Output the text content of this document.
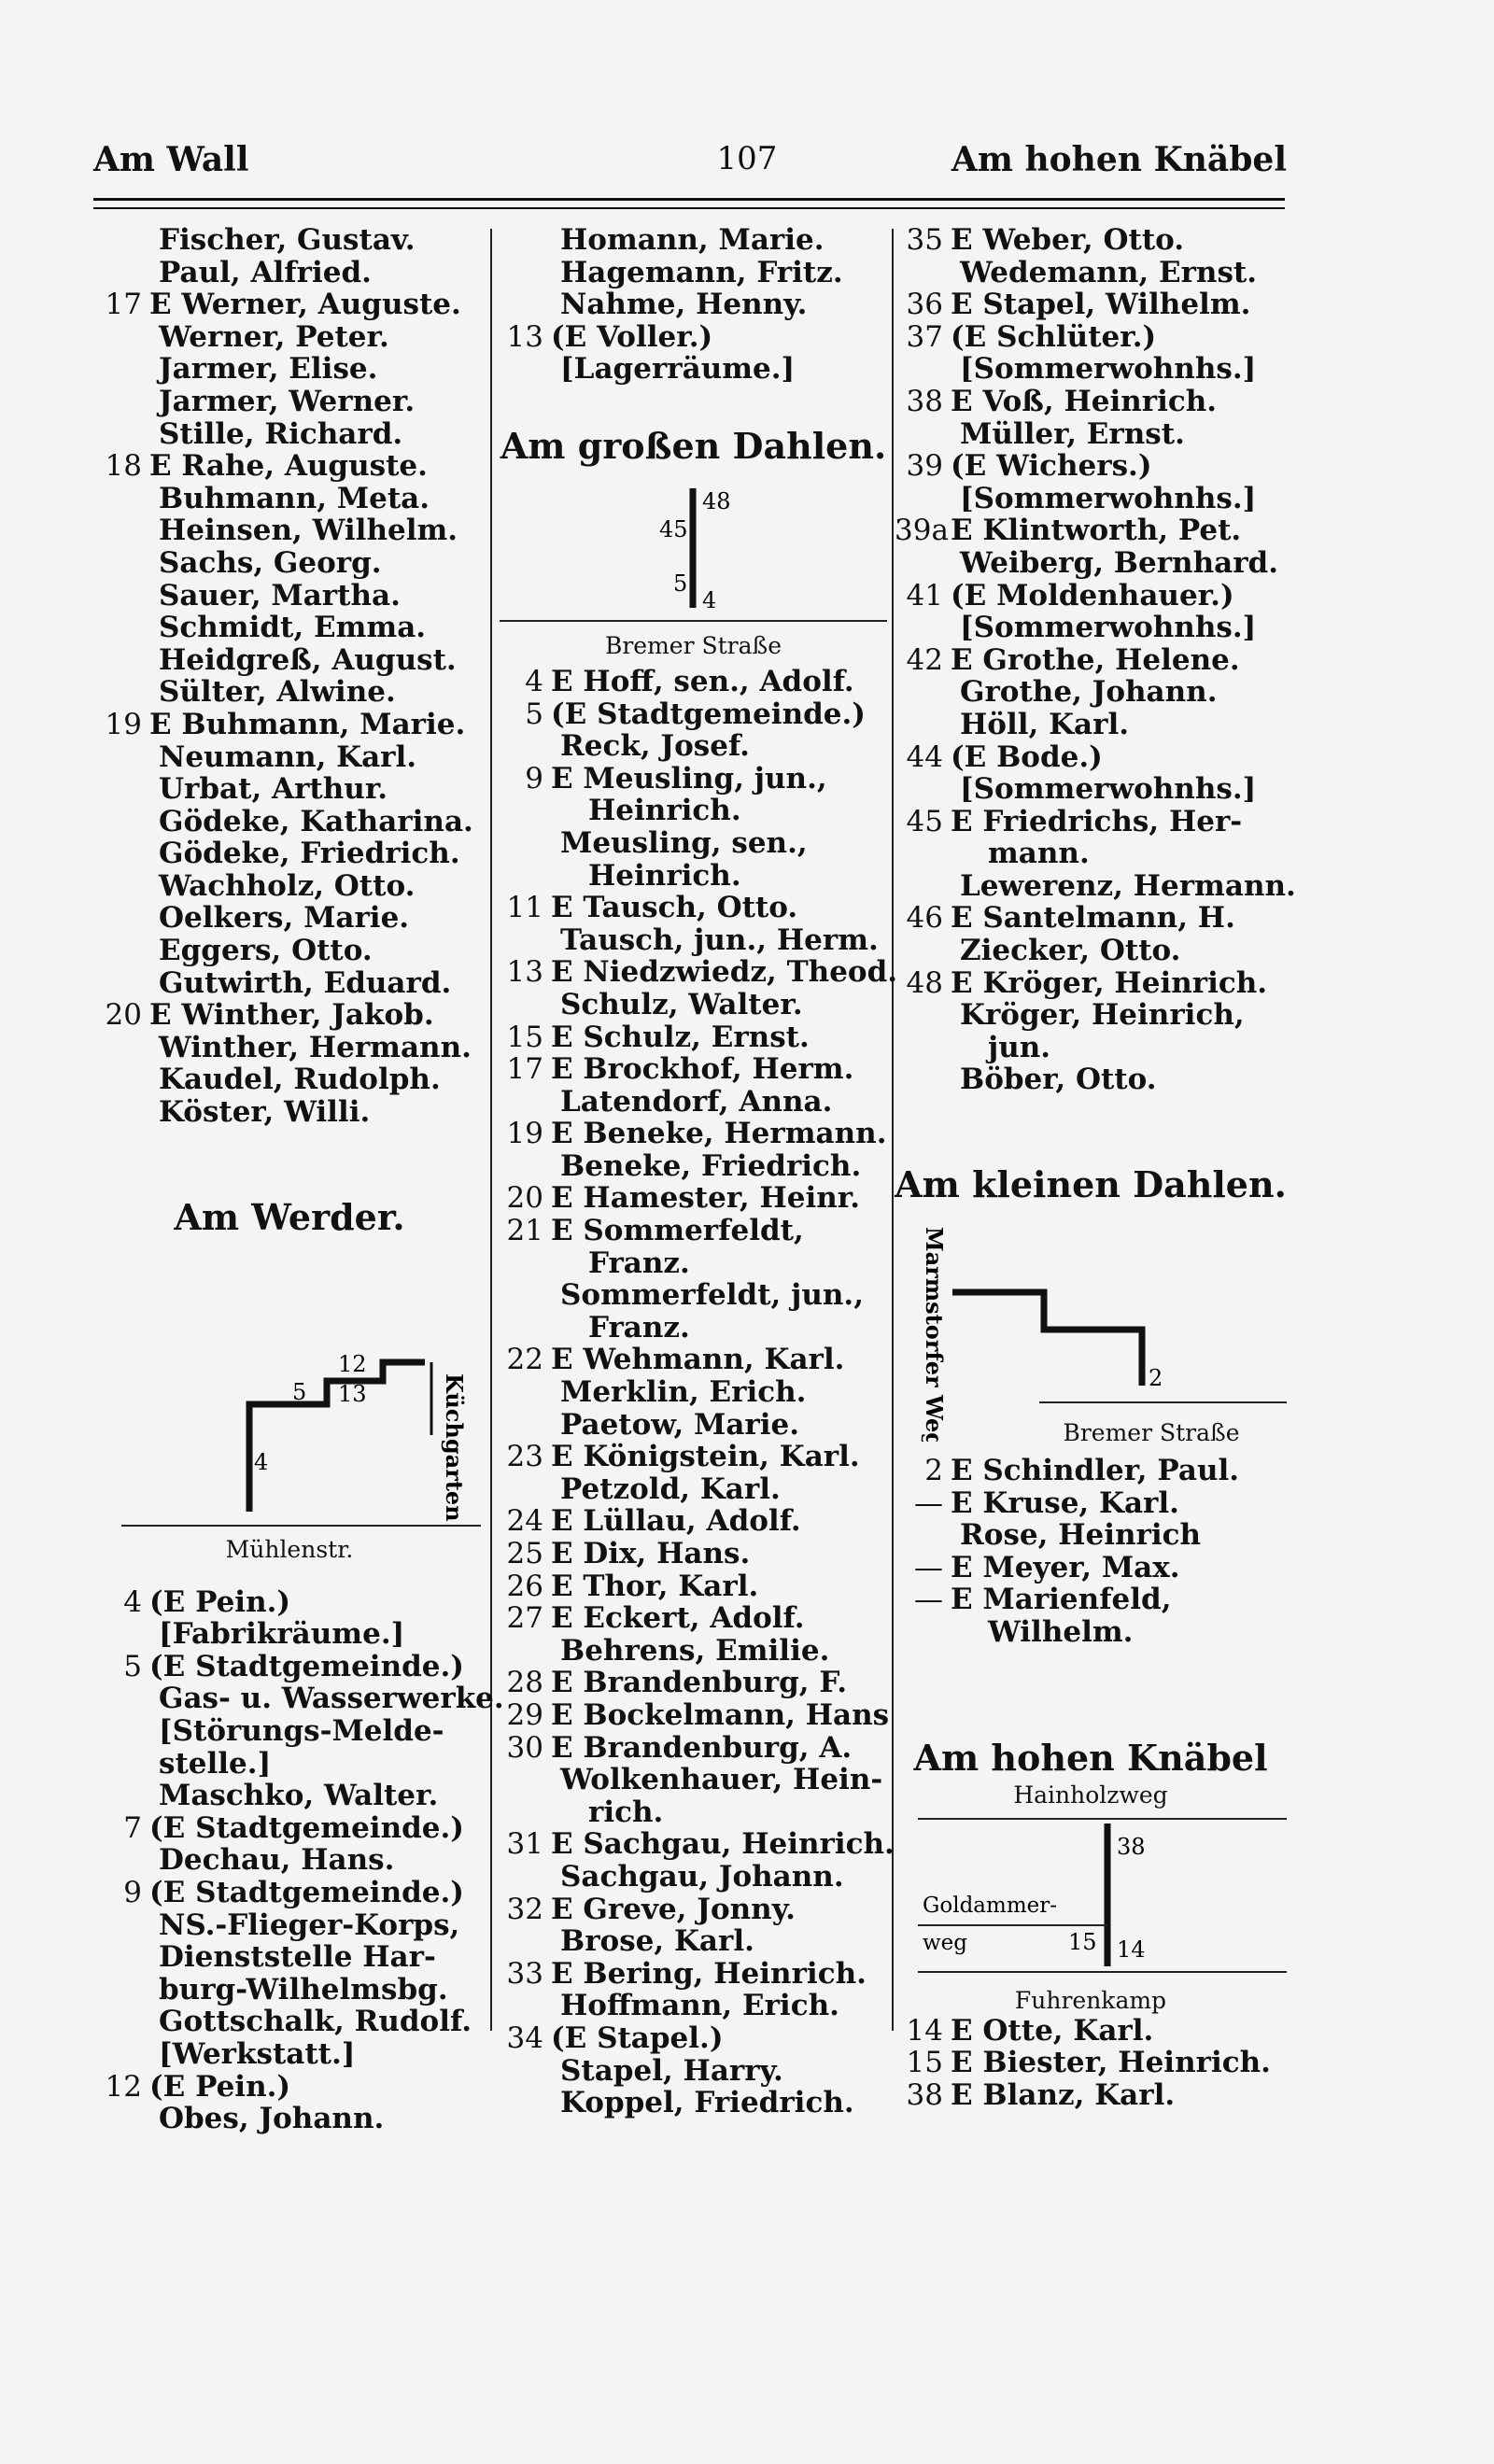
Am Wall	107	Am hohen Knäbel
Fischer, Gustav.
Paul, Alfried.
17 E Werner, Auguste.
Werner, Peter.
Jarmer, Elise.
Jarmer, Werner.
Stille, Richard.
18 E Rahe, Auguste.
Buhmann, Meta.
Heinsen, Wilhelm.
Sachs, Georg.
Sauer, Martha.
Schmidt, Emma.
Heidgreß, August.
Sülter, Alwine.
19 E Buhmann, Marie.
Neumann, Karl.
Urbat, Arthur.
Gödeke, Katharina.
Gödeke, Friedrich.
Wachholz, Otto.
Oelkers, Marie.
Eggers, Otto.
Gutwirth, Eduard.
20 E Winther, Jakob.
Winther, Hermann.
Kaudel, Rudolph.
Köster, Willi.
Am Werder.
Küchgarten
12
5 13
4
Mühlenstr.
4 (E Pein.)
[Fabrikräume.]
5 (E Stadtgemeinde.)
Gas- u. Wasserwerke.
[Störungs-Melde-
stelle.]
Maschko, Walter.
7 (E Stadtgemeinde.)
Dechau, Hans.
9 (E Stadtgemeinde.)
NS.-Flieger-Korps,
Dienststelle Har-
burg-Wilhelmsbg.
Gottschalk, Rudolf.
[Werkstatt.]
12 (E Pein.)
Obes, Johann.
Homann, Marie.
Hagemann, Fritz.
Nahme, Henny.
13 (E Voller.)
[Lagerräume.]
Am großen Dahlen.
48
45
5
4
Bremer Straße
4 E Hoff, sen., Adolf.
5 (E Stadtgemeinde.)
Reck, Josef.
9 E Meusling, jun.,
Heinrich.
Meusling, sen.,
Heinrich.
11 E Tausch, Otto.
Tausch, jun., Herm.
13 E Niedzwiedz, Theod.
Schulz, Walter.
15 E Schulz, Ernst.
17 E Brockhof, Herm.
Latendorf, Anna.
19 E Beneke, Hermann.
Beneke, Friedrich.
20 E Hamester, Heinr.
21 E Sommerfeldt,
Franz.
Sommerfeldt, jun.,
Franz.
22 E Wehmann, Karl.
Merklin, Erich.
Paetow, Marie.
23 E Königstein, Karl.
Petzold, Karl.
24 E Lüllau, Adolf.
25 E Dix, Hans.
26 E Thor, Karl.
27 E Eckert, Adolf.
Behrens, Emilie.
28 E Brandenburg, F.
29 E Bockelmann, Hans
30 E Brandenburg, A.
Wolkenhauer, Hein-
rich.
31 E Sachgau, Heinrich.
Sachgau, Johann.
32 E Greve, Jonny.
Brose, Karl.
33 E Bering, Heinrich.
Hoffmann, Erich.
34 (E Stapel.)
Stapel, Harry.
Koppel, Friedrich.
35 E Weber, Otto.
Wedemann, Ernst.
36 E Stapel, Wilhelm.
37 (E Schlüter.)
[Sommerwohnhs.]
38 E Voß, Heinrich.
Müller, Ernst.
39 (E Wichers.)
[Sommerwohnhs.]
39a E Klintworth, Pet.
Weiberg, Bernhard.
41 (E Moldenhauer.)
[Sommerwohnhs.]
42 E Grothe, Helene.
Grothe, Johann.
Höll, Karl.
44 (E Bode.)
[Sommerwohnhs.]
45 E Friedrichs, Her-
mann.
Lewerenz, Hermann.
46 E Santelmann, H.
Ziecker, Otto.
48 E Kröger, Heinrich.
Kröger, Heinrich,
jun.
Böber, Otto.
Am kleinen Dahlen.
Marmstorfer Weg	2
Bremer Straße
2 E Schindler, Paul.
— E Kruse, Karl.
Rose, Heinrich
— E Meyer, Max.
— E Marienfeld,
Wilhelm.
Am hohen Knäbel
Hainholzweg
38
Goldammer-
weg	15 14
Fuhrenkamp
14 E Otte, Karl.
15 E Biester, Heinrich.
38 E Blanz, Karl.
